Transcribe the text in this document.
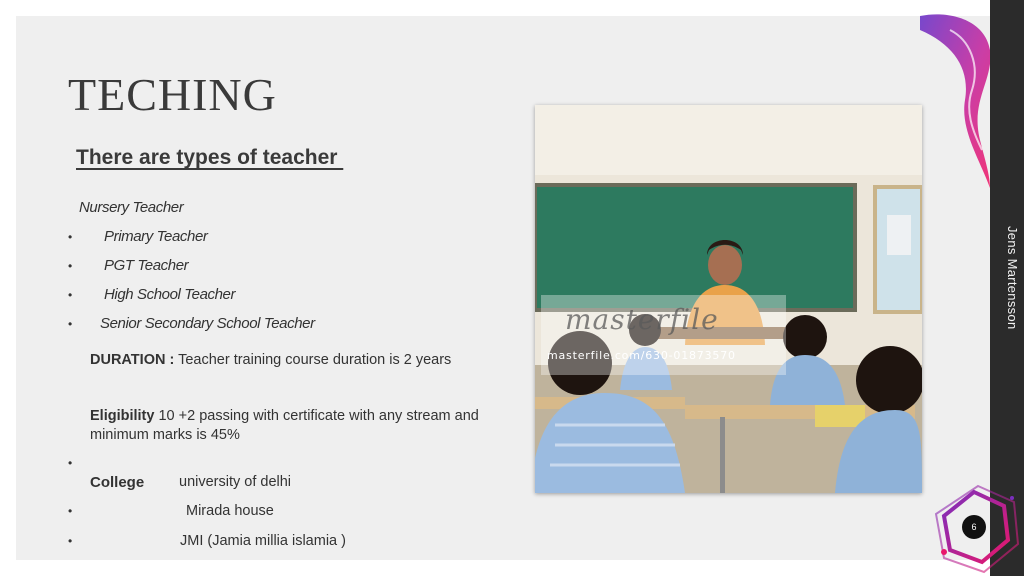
TECHING
There are types of teacher
Nursery Teacher
• Primary Teacher
• PGT Teacher
• High School Teacher
• Senior Secondary School Teacher
DURATION : Teacher training course duration is 2 years
Eligibility 10 +2 passing with certificate with any stream and minimum marks is 45%
•
College university of delhi
•	Mirada house
•	JMI (Jamia millia islamia )
masterfile
masterfile.com/630-01873570
Jens Martensson
6
